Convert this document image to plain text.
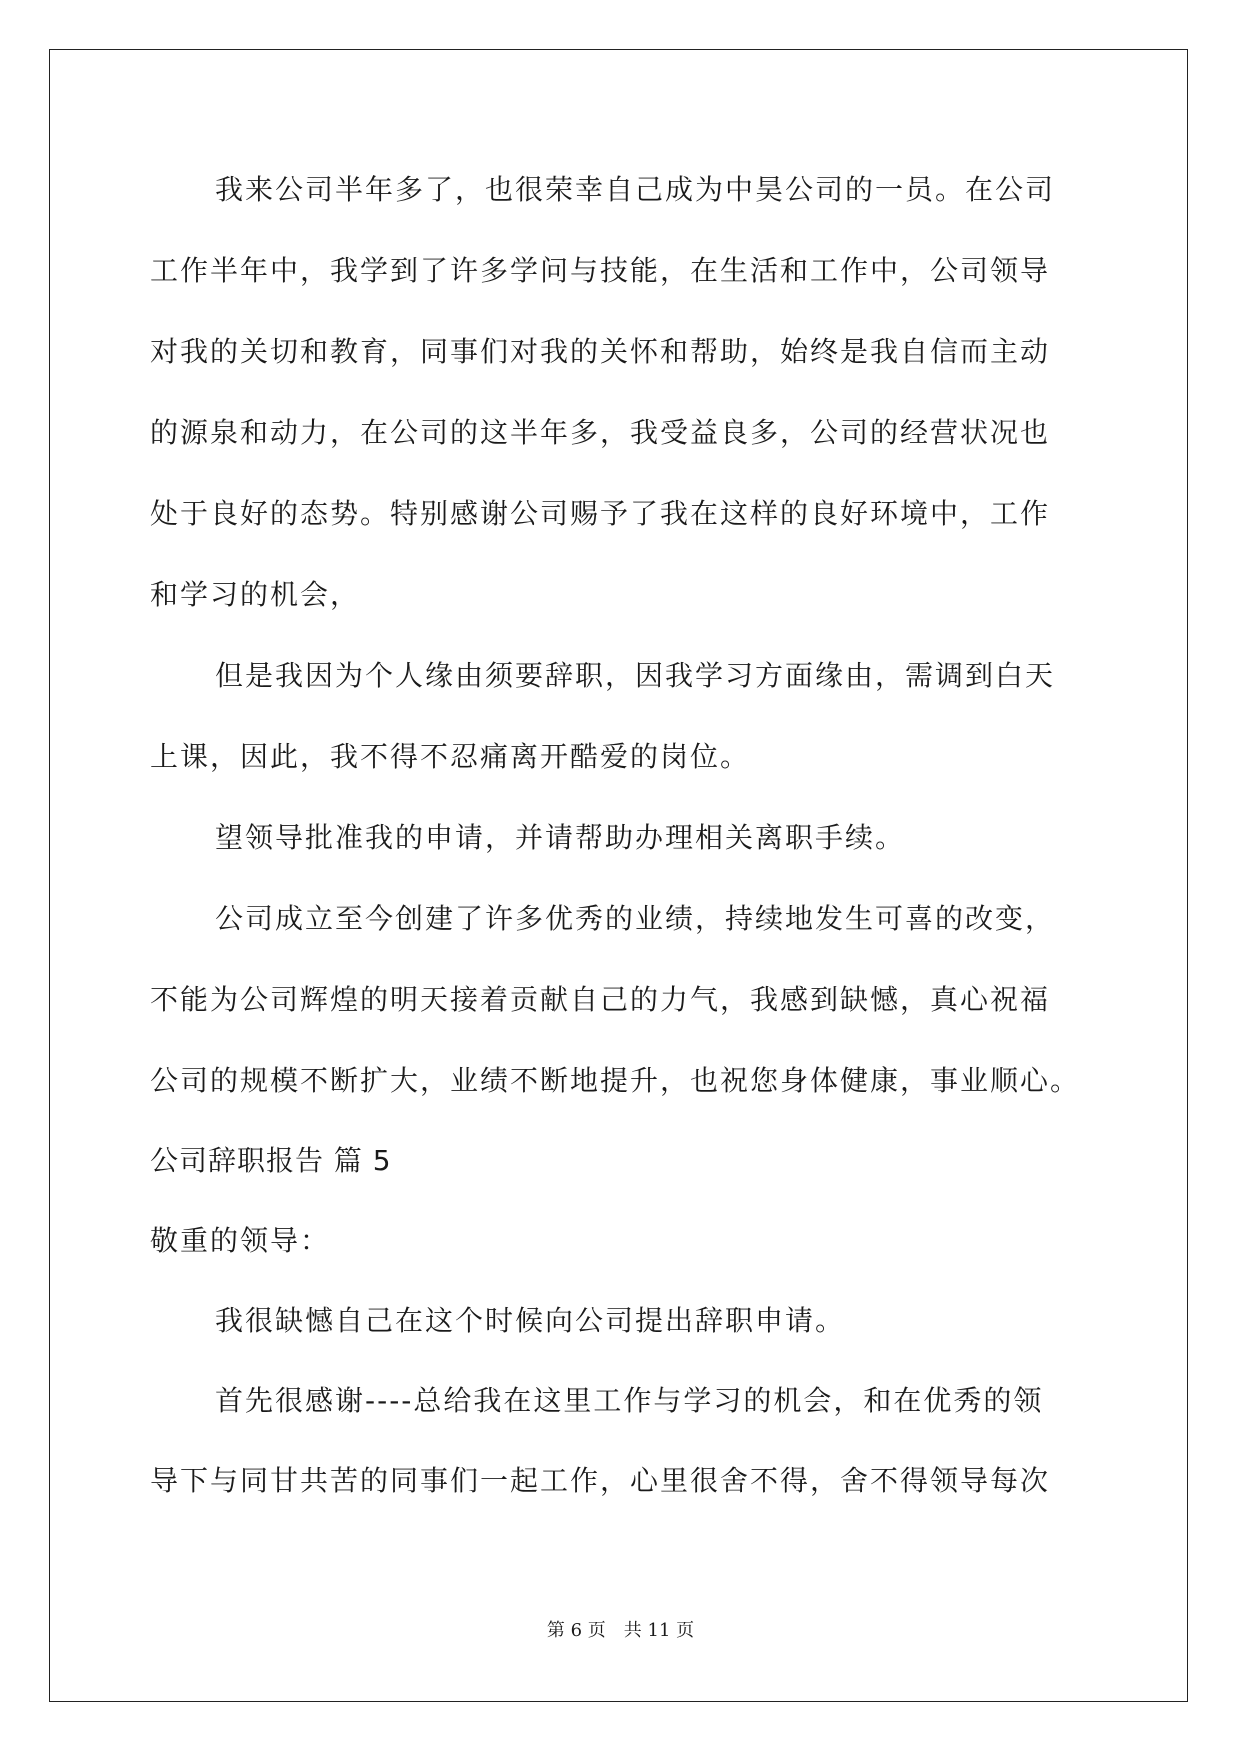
我来公司半年多了，也很荣幸自己成为中昊公司的一员。在公司
工作半年中，我学到了许多学问与技能，在生活和工作中，公司领导
对我的关切和教育，同事们对我的关怀和帮助，始终是我自信而主动
的源泉和动力，在公司的这半年多，我受益良多，公司的经营状况也
处于良好的态势。特别感谢公司赐予了我在这样的良好环境中，工作
和学习的机会，
但是我因为个人缘由须要辞职，因我学习方面缘由，需调到白天
上课，因此，我不得不忍痛离开酷爱的岗位。
望领导批准我的申请，并请帮助办理相关离职手续。
公司成立至今创建了许多优秀的业绩，持续地发生可喜的改变，
不能为公司辉煌的明天接着贡献自己的力气，我感到缺憾，真心祝福
公司的规模不断扩大，业绩不断地提升，也祝您身体健康，事业顺心。
公司辞职报告 篇 5
敬重的领导：
我很缺憾自己在这个时候向公司提出辞职申请。
首先很感谢----总给我在这里工作与学习的机会，和在优秀的领
导下与同甘共苦的同事们一起工作，心里很舍不得，舍不得领导每次
第 6 页　共 11 页
